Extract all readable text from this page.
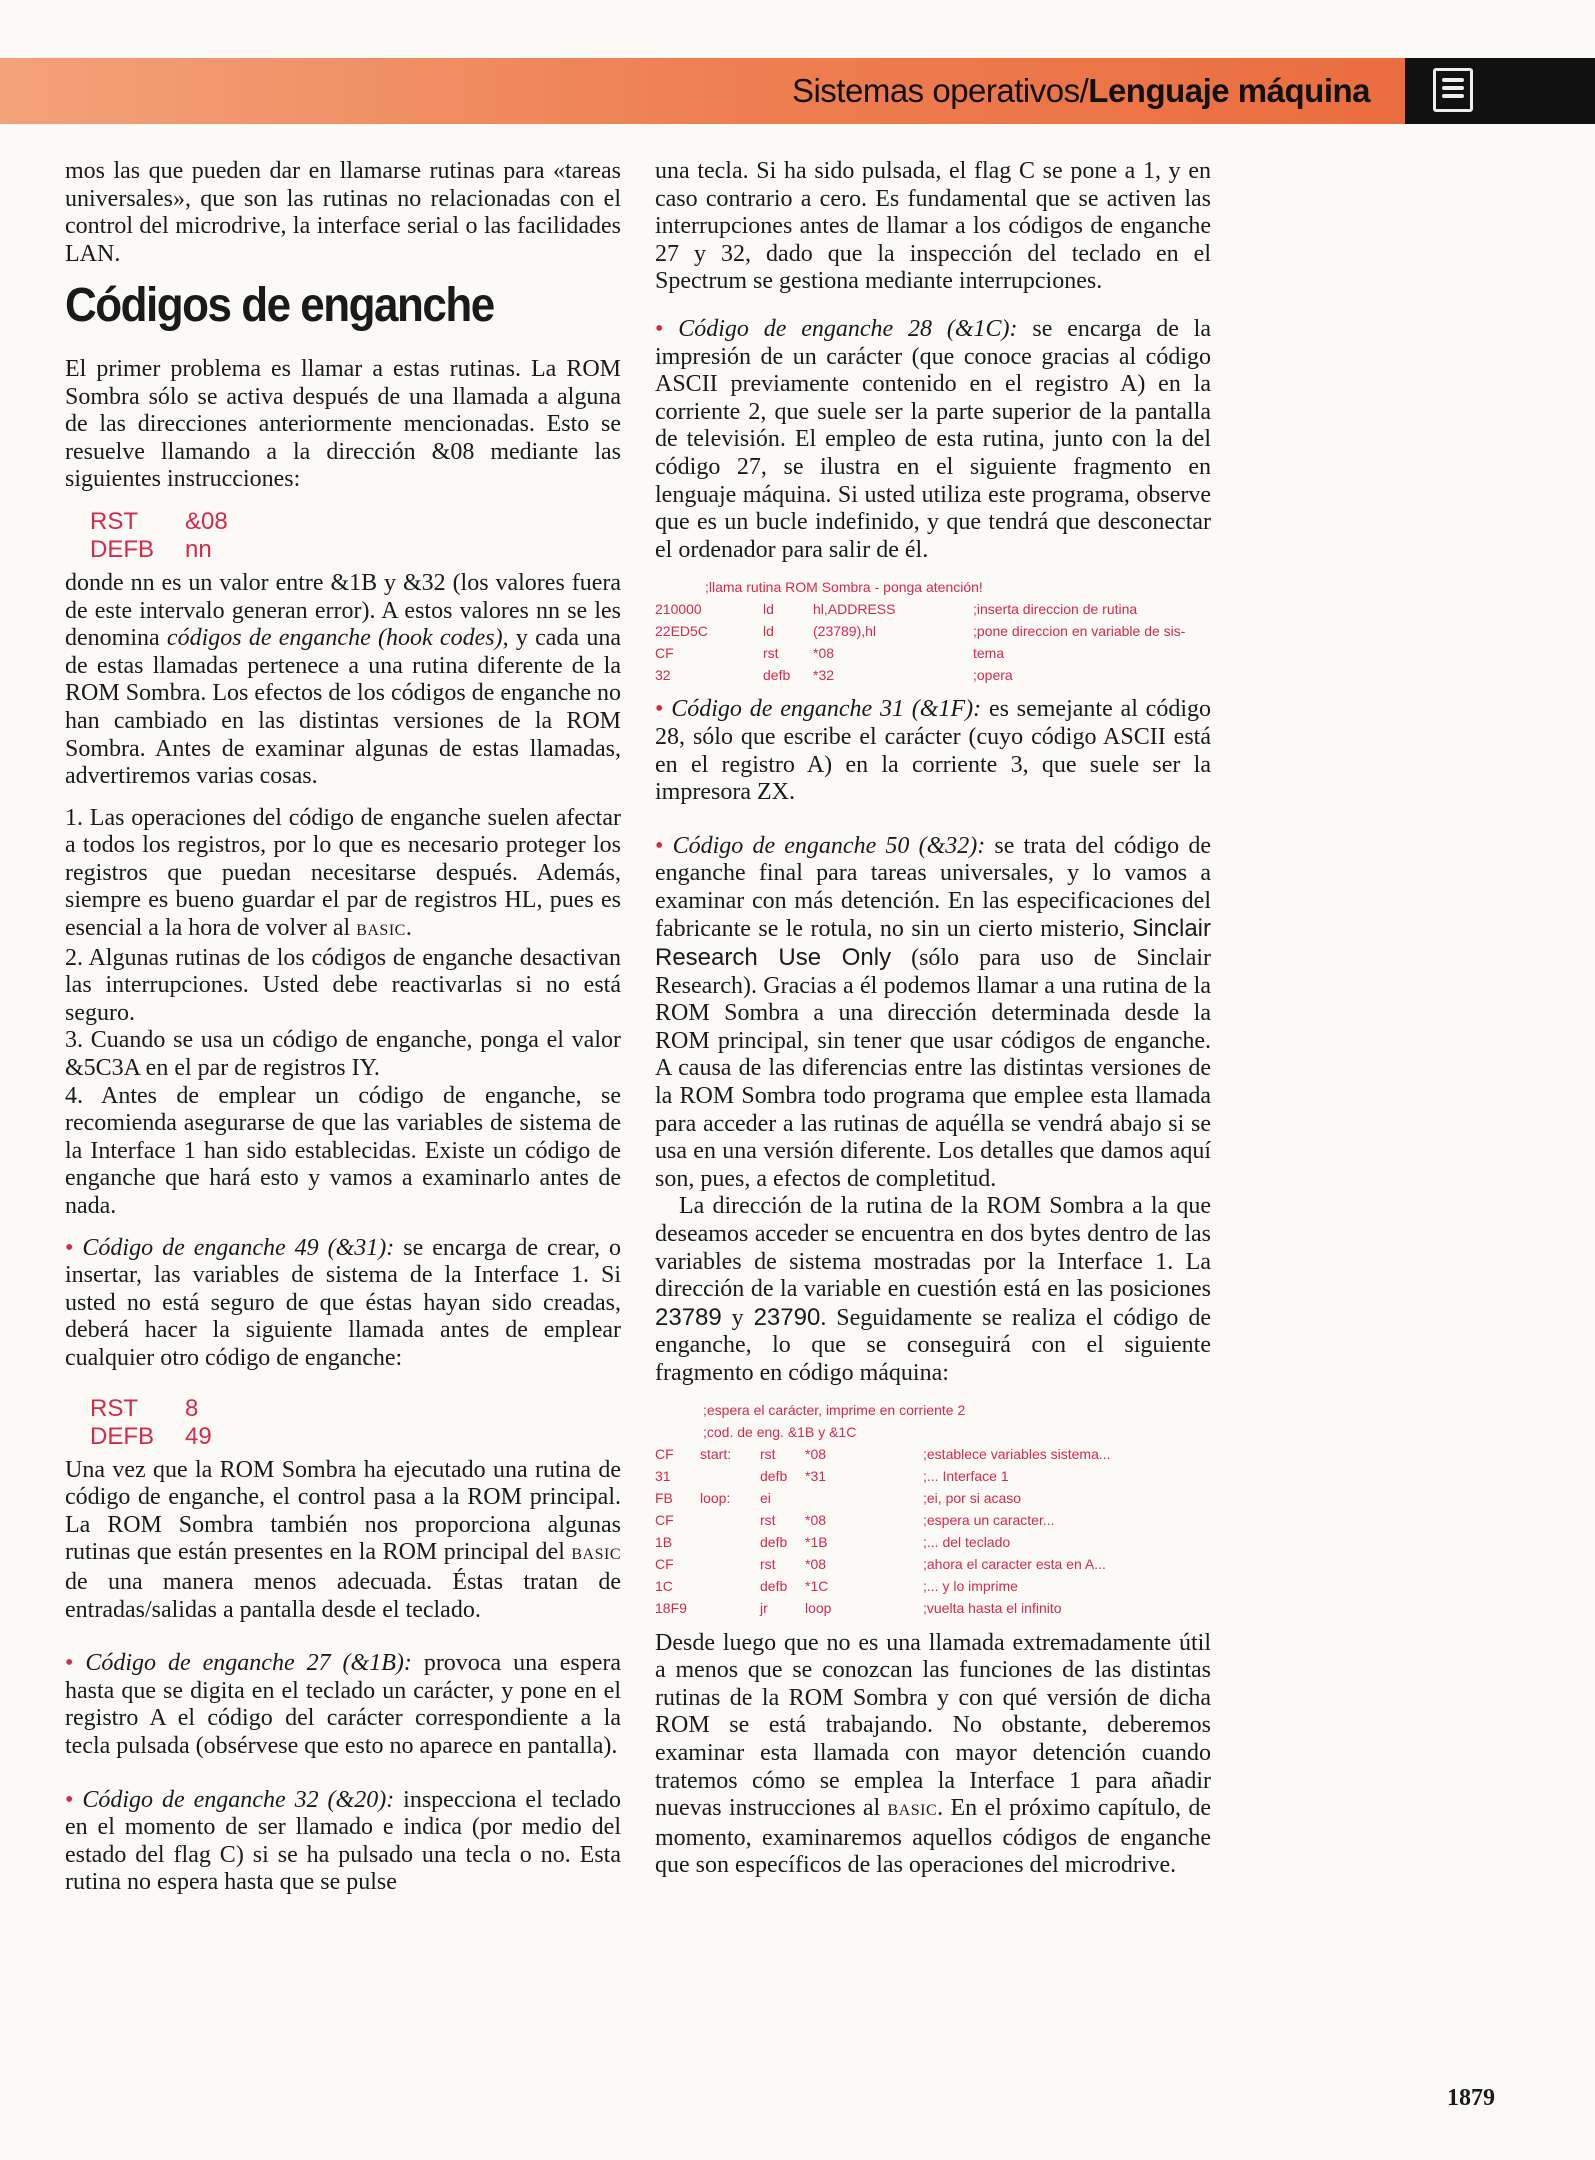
Sistemas operativos/Lenguaje máquina

mos las que pueden dar en llamarse rutinas para «tareas universales», que son las rutinas no relacionadas con el control del microdrive, la interface serial o las facilidades LAN.

Códigos de enganche

El primer problema es llamar a estas rutinas. La ROM Sombra sólo se activa después de una llamada a alguna de las direcciones anteriormente mencionadas. Esto se resuelve llamando a la dirección &08 mediante las siguientes instrucciones:

RST &08
DEFB nn

donde nn es un valor entre &1B y &32 (los valores fuera de este intervalo generan error). A estos valores nn se les denomina códigos de enganche (hook codes), y cada una de estas llamadas pertenece a una rutina diferente de la ROM Sombra. Los efectos de los códigos de enganche no han cambiado en las distintas versiones de la ROM Sombra. Antes de examinar algunas de estas llamadas, advertiremos varias cosas.

1. Las operaciones del código de enganche suelen afectar a todos los registros, por lo que es necesario proteger los registros que puedan necesitarse después. Además, siempre es bueno guardar el par de registros HL, pues es esencial a la hora de volver al BASIC.

2. Algunas rutinas de los códigos de enganche desactivan las interrupciones. Usted debe reactivarlas si no está seguro.

3. Cuando se usa un código de enganche, ponga el valor &5C3A en el par de registros IY.

4. Antes de emplear un código de enganche, se recomienda asegurarse de que las variables de sistema de la Interface 1 han sido establecidas. Existe un código de enganche que hará esto y vamos a examinarlo antes de nada.

• Código de enganche 49 (&31): se encarga de crear, o insertar, las variables de sistema de la Interface 1. Si usted no está seguro de que éstas hayan sido creadas, deberá hacer la siguiente llamada antes de emplear cualquier otro código de enganche:

RST 8
DEFB 49

Una vez que la ROM Sombra ha ejecutado una rutina de código de enganche, el control pasa a la ROM principal. La ROM Sombra también nos proporciona algunas rutinas que están presentes en la ROM principal del BASIC de una manera menos adecuada. Éstas tratan de entradas/salidas a pantalla desde el teclado.

• Código de enganche 27 (&1B): provoca una espera hasta que se digita en el teclado un carácter, y pone en el registro A el código del carácter correspondiente a la tecla pulsada (obsérvese que esto no aparece en pantalla).

• Código de enganche 32 (&20): inspecciona el teclado en el momento de ser llamado e indica (por medio del estado del flag C) si se ha pulsado una tecla o no. Esta rutina no espera hasta que se pulse

una tecla. Si ha sido pulsada, el flag C se pone a 1, y en caso contrario a cero. Es fundamental que se activen las interrupciones antes de llamar a los códigos de enganche 27 y 32, dado que la inspección del teclado en el Spectrum se gestiona mediante interrupciones.

• Código de enganche 28 (&1C): se encarga de la impresión de un carácter (que conoce gracias al código ASCII previamente contenido en el registro A) en la corriente 2, que suele ser la parte superior de la pantalla de televisión. El empleo de esta rutina, junto con la del código 27, se ilustra en el siguiente fragmento en lenguaje máquina. Si usted utiliza este programa, observe que es un bucle indefinido, y que tendrá que desconectar el ordenador para salir de él.

;llama rutina ROM Sombra - ponga atención!
210000	ld	hl,ADDRESS	;inserta direccion de rutina
22ED5C	ld	(23789),hl	;pone direccion en variable de sis-
CF	rst *08	tema
32	defb *32	;opera

• Código de enganche 31 (&1F): es semejante al código 28, sólo que escribe el carácter (cuyo código ASCII está en el registro A) en la corriente 3, que suele ser la impresora ZX.

• Código de enganche 50 (&32): se trata del código de enganche final para tareas universales, y lo vamos a examinar con más detención. En las especificaciones del fabricante se le rotula, no sin un cierto misterio, Sinclair Research Use Only (sólo para uso de Sinclair Research). Gracias a él podemos llamar a una rutina de la ROM Sombra a una dirección determinada desde la ROM principal, sin tener que usar códigos de enganche. A causa de las diferencias entre las distintas versiones de la ROM Sombra todo programa que emplee esta llamada para acceder a las rutinas de aquélla se vendrá abajo si se usa en una versión diferente. Los detalles que damos aquí son, pues, a efectos de completitud.

La dirección de la rutina de la ROM Sombra a la que deseamos acceder se encuentra en dos bytes dentro de las variables de sistema mostradas por la Interface 1. La dirección de la variable en cuestión está en las posiciones 23789 y 23790. Seguidamente se realiza el código de enganche, lo que se conseguirá con el siguiente fragmento en código máquina:

;espera el carácter, imprime en corriente 2
;cod. de eng. &1B y &1C
CF start: rst *08	;establece variables sistema...
31	defb *31	;... Interface 1
FB loop: ei	;ei, por si acaso
CF	rst *08	;espera un caracter...
1B	defb *1B	;... del teclado
CF	rst *08	;ahora el caracter esta en A...
1C	defb *1C	;... y lo imprime
18F9	jr	loop	;vuelta hasta el infinito

Desde luego que no es una llamada extremadamente útil a menos que se conozcan las funciones de las distintas rutinas de la ROM Sombra y con qué versión de dicha ROM se está trabajando. No obstante, deberemos examinar esta llamada con mayor detención cuando tratemos cómo se emplea la Interface 1 para añadir nuevas instrucciones al BASIC. En el próximo capítulo, de momento, examinaremos aquellos códigos de enganche que son específicos de las operaciones del microdrive.

1879
